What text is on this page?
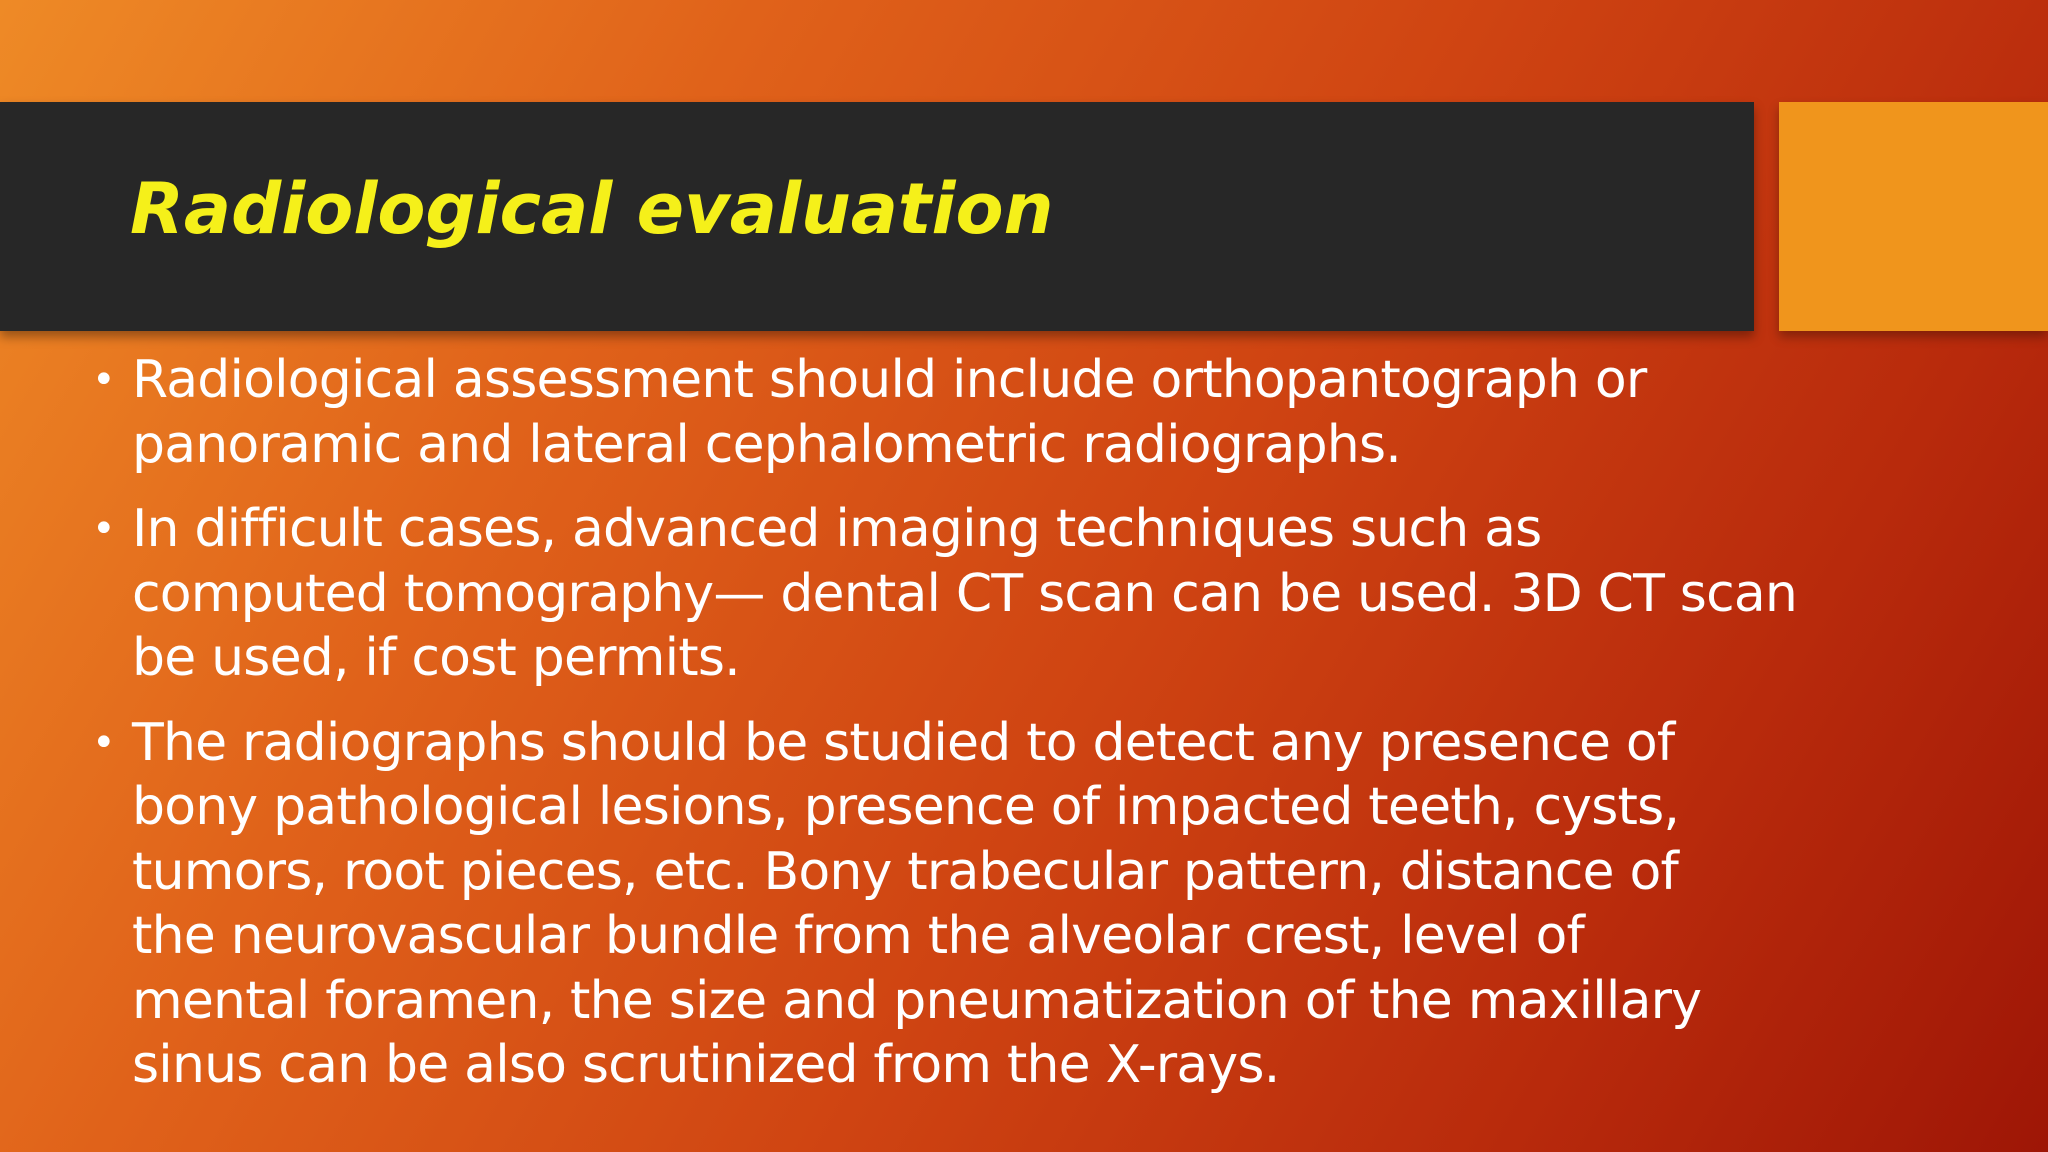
Radiological evaluation
• Radiological assessment should include orthopantograph or
panoramic and lateral cephalometric radiographs.
• In difficult cases, advanced imaging techniques such as
computed tomography— dental CT scan can be used. 3D CT scan
be used, if cost permits.
• The radiographs should be studied to detect any presence of
bony pathological lesions, presence of impacted teeth, cysts,
tumors, root pieces, etc. Bony trabecular pattern, distance of
the neurovascular bundle from the alveolar crest, level of
mental foramen, the size and pneumatization of the maxillary
sinus can be also scrutinized from the X-rays.
